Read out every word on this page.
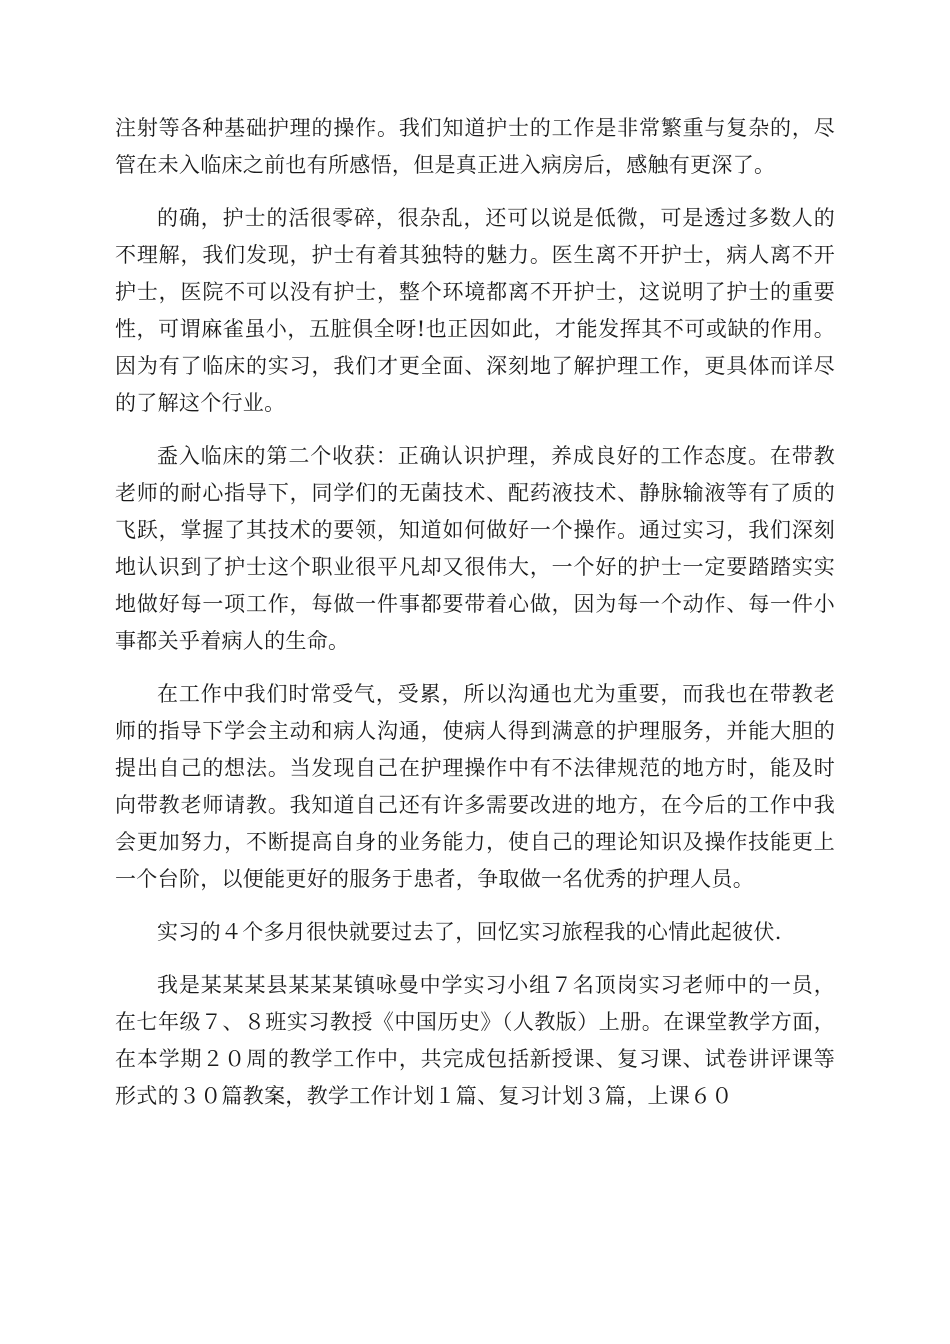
注射等各种基础护理的操作。我们知道护士的工作是非常繁重与复杂的，尽管在未入临床之前也有所感悟，但是真正进入病房后，感触有更深了。

的确，护士的活很零碎，很杂乱，还可以说是低微，可是透过多数人的不理解，我们发现，护士有着其独特的魅力。医生离不开护士，病人离不开护士，医院不可以没有护士，整个环境都离不开护士，这说明了护士的重要性，可谓麻雀虽小，五脏俱全呀!也正因如此，才能发挥其不可或缺的作用。因为有了临床的实习，我们才更全面、深刻地了解护理工作，更具体而详尽的了解这个行业。

盉入临床的第二个收获：正确认识护理，养成良好的工作态度。在带教老师的耐心指导下，同学们的无菌技术、配药液技术、静脉输液等有了质的飞跃，掌握了其技术的要领，知道如何做好一个操作。通过实习，我们深刻地认识到了护士这个职业很平凡却又很伟大，一个好的护士一定要踏踏实实地做好每一项工作，每做一件事都要带着心做，因为每一个动作、每一件小事都关乎着病人的生命。

在工作中我们时常受气，受累，所以沟通也尤为重要，而我也在带教老师的指导下学会主动和病人沟通，使病人得到满意的护理服务，并能大胆的提出自己的想法。当发现自己在护理操作中有不法律规范的地方时，能及时向带教老师请教。我知道自己还有许多需要改进的地方，在今后的工作中我会更加努力，不断提高自身的业务能力，使自己的理论知识及操作技能更上一个台阶，以便能更好的服务于患者，争取做一名优秀的护理人员。

实习的４个多月很快就要过去了，回忆实习旅程我的心情此起彼伏.

我是某某某县某某某镇咏曼中学实习小组７名顶岗实习老师中的一员，在七年级７、８班实习教授《中国历史》（人教版）上册。在课堂教学方面，在本学期２０周的教学工作中，共完成包括新授课、复习课、试卷讲评课等形式的３０篇教案，教学工作计划１篇、复习计划３篇，上课６０
